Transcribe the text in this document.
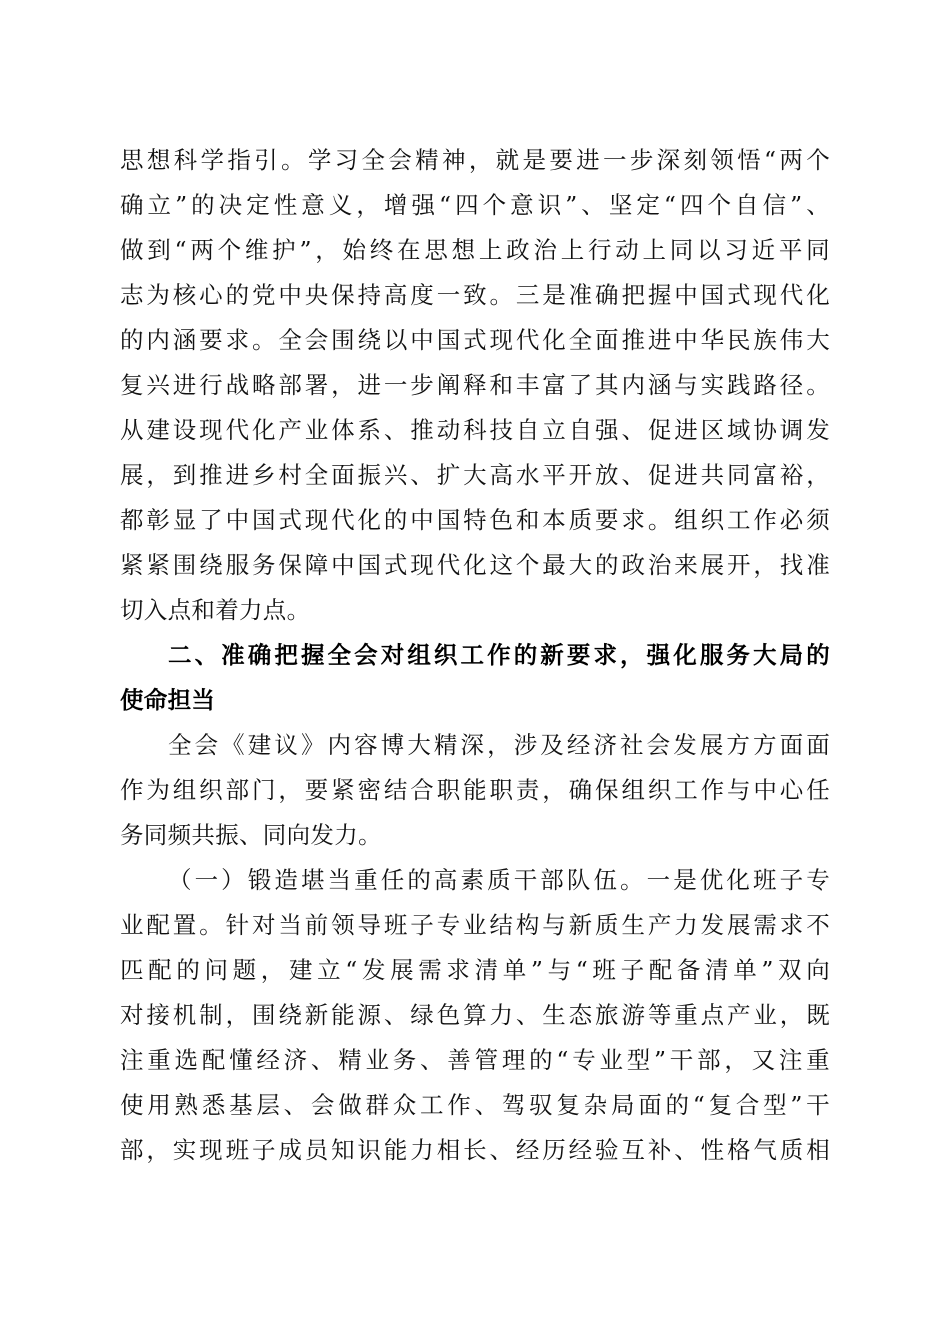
思想科学指引。学习全会精神，就是要进一步深刻领悟“两个
确立”的决定性意义，增强“四个意识”、坚定“四个自信”、
做到“两个维护”，始终在思想上政治上行动上同以习近平同
志为核心的党中央保持高度一致。三是准确把握中国式现代化
的内涵要求。全会围绕以中国式现代化全面推进中华民族伟大
复兴进行战略部署，进一步阐释和丰富了其内涵与实践路径。
从建设现代化产业体系、推动科技自立自强、促进区域协调发
展，到推进乡村全面振兴、扩大高水平开放、促进共同富裕，
都彰显了中国式现代化的中国特色和本质要求。组织工作必须
紧紧围绕服务保障中国式现代化这个最大的政治来展开，找准
切入点和着力点。
二、准确把握全会对组织工作的新要求，强化服务大局的
使命担当
全会《建议》内容博大精深，涉及经济社会发展方方面面
作为组织部门，要紧密结合职能职责，确保组织工作与中心任
务同频共振、同向发力。
（一）锻造堪当重任的高素质干部队伍。一是优化班子专
业配置。针对当前领导班子专业结构与新质生产力发展需求不
匹配的问题，建立“发展需求清单”与“班子配备清单”双向
对接机制，围绕新能源、绿色算力、生态旅游等重点产业，既
注重选配懂经济、精业务、善管理的“专业型”干部，又注重
使用熟悉基层、会做群众工作、驾驭复杂局面的“复合型”干
部，实现班子成员知识能力相长、经历经验互补、性格气质相
